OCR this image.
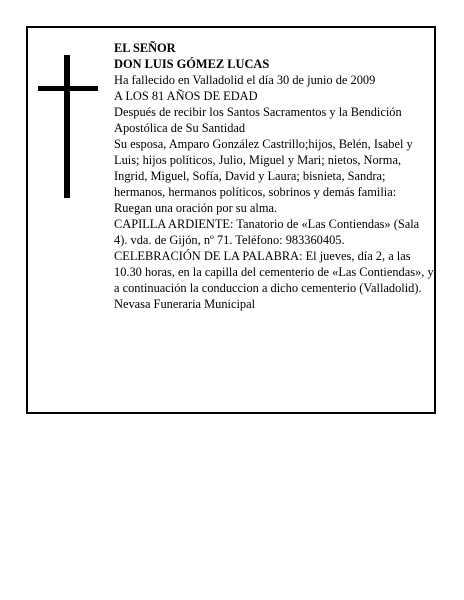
EL SEÑOR

DON LUIS GÓMEZ LUCAS

Ha fallecido en Valladolid el día 30 de junio de 2009

A LOS 81 AÑOS DE EDAD

Después de recibir los Santos Sacramentos y la Bendición Apostólica de Su Santidad

Su esposa, Amparo González Castrillo;hijos, Belén, Isabel y Luis; hijos políticos, Julio, Miguel y Mari; nietos, Norma, Ingrid, Miguel, Sofía, David y Laura; bisnieta, Sandra; hermanos, hermanos políticos, sobrinos y demás familia:

Ruegan una oración por su alma.

CAPILLA ARDIENTE: Tanatorio de «Las Contiendas» (Sala 4). vda. de Gijón, nº 71. Teléfono: 983360405.

CELEBRACIÓN DE LA PALABRA: El jueves, día 2, a las 10.30 horas, en la capilla del cementerio de «Las Contiendas», y a continuación la conduccion a dicho cementerio (Valladolid).

Nevasa Funeraria Municipal
